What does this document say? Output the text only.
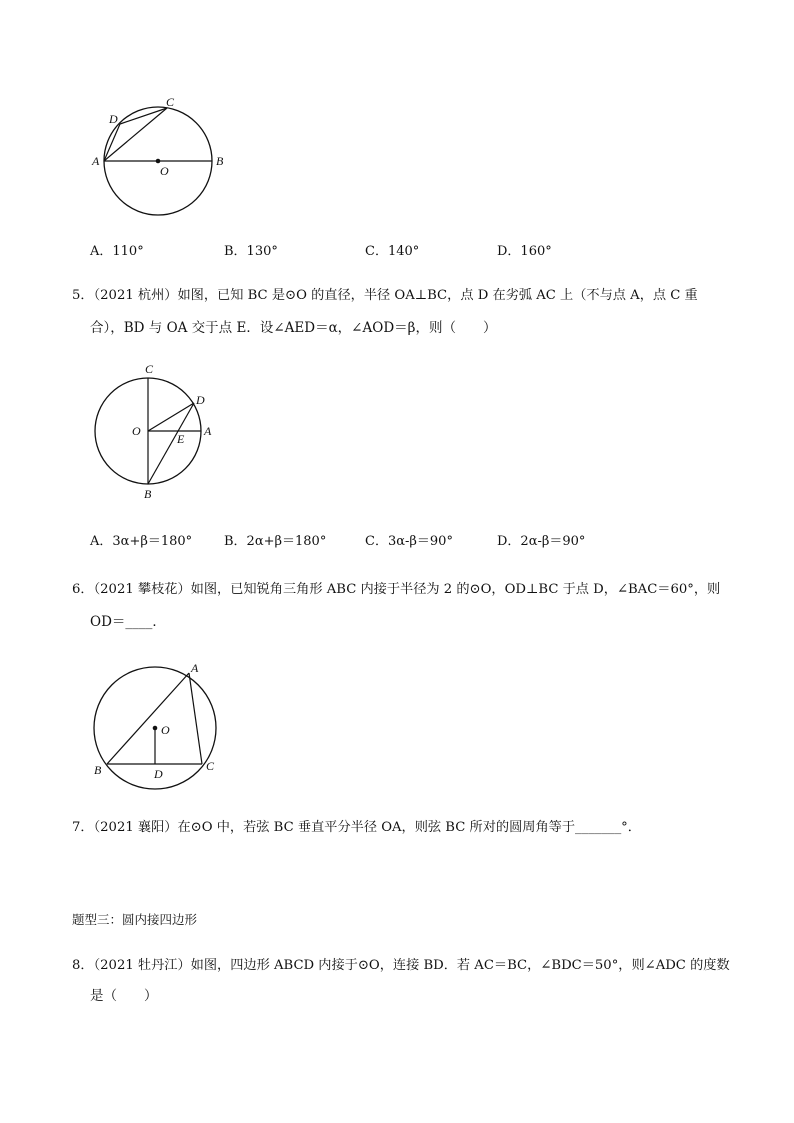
A	B
C
D
O
A．110°	B．130°	C．140°	D．160°
5．（2021 杭州）如图，已知 BC 是⊙O 的直径，半径 OA⊥BC，点 D 在劣弧 AC 上（不与点 A，点 C 重
合），BD 与 OA 交于点 E．设∠AED＝α，∠AOD＝β，则（　　）
C
D
O
E
A
B
A．3α+β＝180° B．2α+β＝180°	C．3α-β＝90°	D．2α-β＝90°
6．（2021 攀枝花）如图，已知锐角三角形 ABC 内接于半径为 2 的⊙O，OD⊥BC 于点 D，∠BAC＝60°，则
OD＝____．
A
O
B	D
C
7．（2021 襄阳）在⊙O 中，若弦 BC 垂直平分半径 OA，则弦 BC 所对的圆周角等于_______°．
题型三：圆内接四边形
8．（2021 牡丹江）如图，四边形 ABCD 内接于⊙O，连接 BD．若 AC＝BC，∠BDC＝50°，则∠ADC 的度数
是（　　）
